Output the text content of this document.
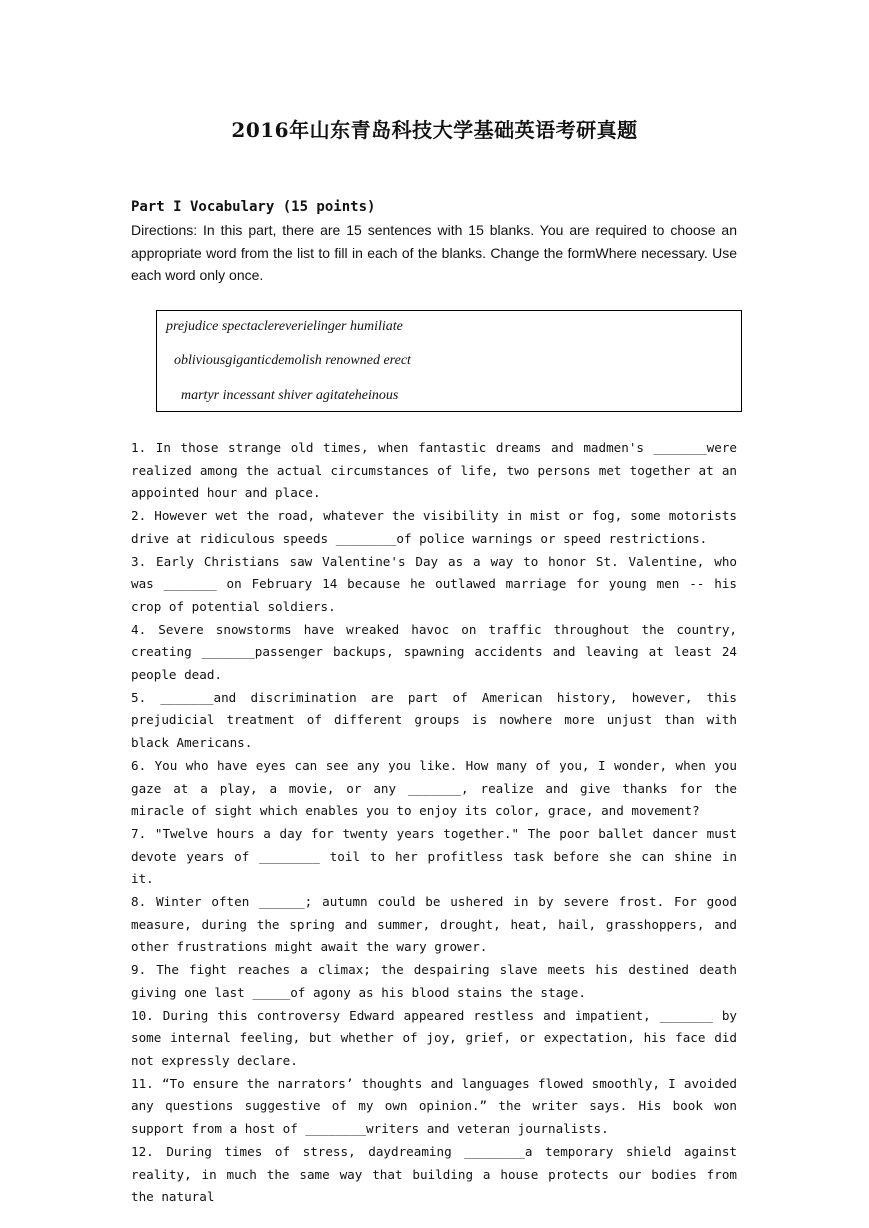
2016年山东青岛科技大学基础英语考研真题
Part I Vocabulary (15 points)
Directions: In this part, there are 15 sentences with 15 blanks. You are required to choose an appropriate word from the list to fill in each of the blanks. Change the formWhere necessary. Use each word only once.
prejudice spectaclereverielinger humiliate
obliviousgiganticdemolish renowned erect
martyr incessant shiver agitateheinous

1. In those strange old times, when fantastic dreams and madmen's _______were realized among the actual circumstances of life, two persons met together at an appointed hour and place.

2. However wet the road, whatever the visibility in mist or fog, some motorists drive at ridiculous speeds ________of police warnings or speed restrictions.

3. Early Christians saw Valentine's Day as a way to honor St. Valentine, who was _______ on February 14 because he outlawed marriage for young men -- his crop of potential soldiers.

4. Severe snowstorms have wreaked havoc on traffic throughout the country, creating _______passenger backups, spawning accidents and leaving at least 24 people dead.

5. _______and discrimination are part of American history, however, this prejudicial treatment of different groups is nowhere more unjust than with black Americans.

6. You who have eyes can see any you like. How many of you, I wonder, when you gaze at a play, a movie, or any _______, realize and give thanks for the miracle of sight which enables you to enjoy its color, grace, and movement?

7. "Twelve hours a day for twenty years together." The poor ballet dancer must devote years of ________ toil to her profitless task before she can shine in it.

8. Winter often ______; autumn could be ushered in by severe frost. For good measure, during the spring and summer, drought, heat, hail, grasshoppers, and other frustrations might await the wary grower.

9. The fight reaches a climax; the despairing slave meets his destined death giving one last _____of agony as his blood stains the stage.

10. During this controversy Edward appeared restless and impatient, _______ by some internal feeling, but whether of joy, grief, or expectation, his face did not expressly declare.

11. “To ensure the narrators’ thoughts and languages flowed smoothly, I avoided any questions suggestive of my own opinion.” the writer says. His book won support from a host of ________writers and veteran journalists.

12. During times of stress, daydreaming ________a temporary shield against reality, in much the same way that building a house protects our bodies from the natural
